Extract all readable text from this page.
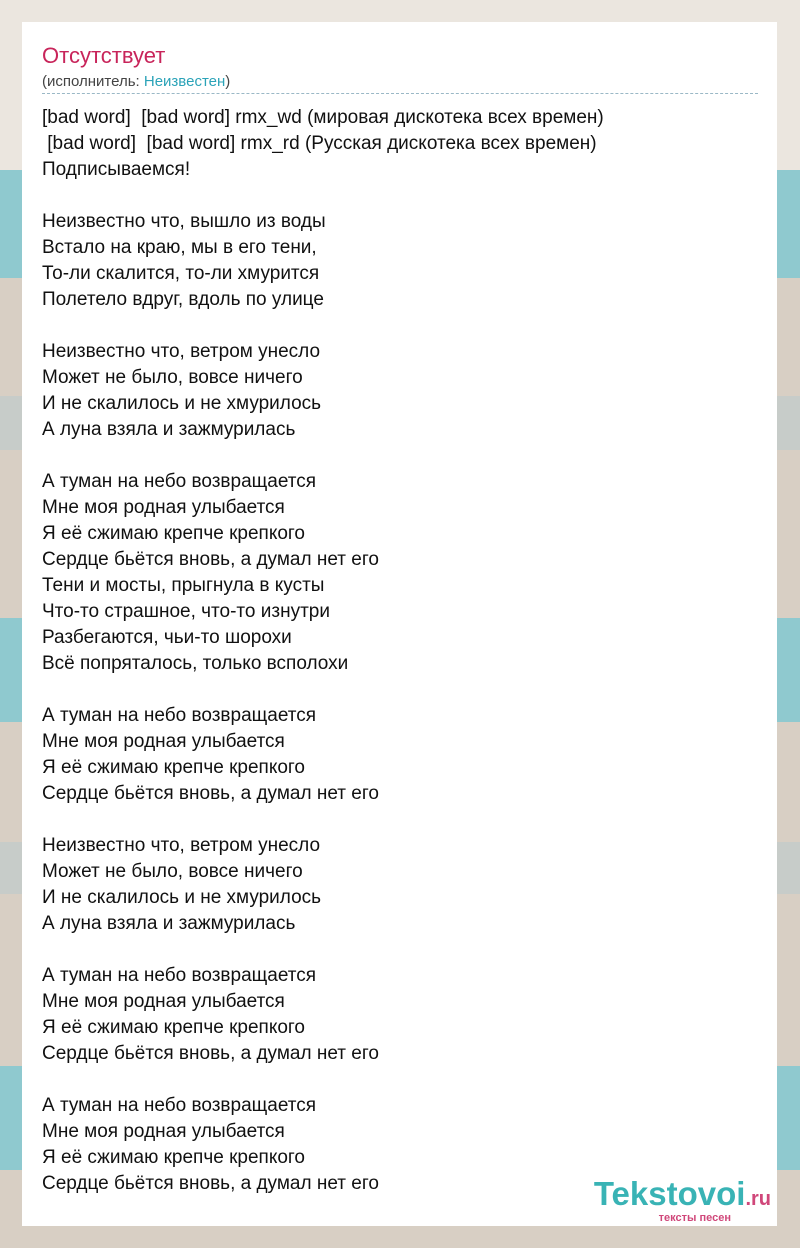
Отсутствует
(исполнитель: Неизвестен)
[bad word]  [bad word] rmx_wd (мировая дискотека всех времен)
[bad word]  [bad word] rmx_rd (Русская дискотека всех времен)
Подписываемся!
Неизвестно что, вышло из воды
Встало на краю, мы в его тени,
То-ли скалится, то-ли хмурится
Полетело вдруг, вдоль по улице
Неизвестно что, ветром унесло
Может не было, вовсе ничего
И не скалилось и не хмурилось
А луна взяла и зажмурилась
А туман на небо возвращается
Мне моя родная улыбается
Я её сжимаю крепче крепкого
Сердце бьётся вновь, а думал нет его
Тени и мосты, прыгнула в кусты
Что-то страшное, что-то изнутри
Разбегаются, чьи-то шорохи
Всё попряталось, только всполохи
А туман на небо возвращается
Мне моя родная улыбается
Я её сжимаю крепче крепкого
Сердце бьётся вновь, а думал нет его
Неизвестно что, ветром унесло
Может не было, вовсе ничего
И не скалилось и не хмурилось
А луна взяла и зажмурилась
А туман на небо возвращается
Мне моя родная улыбается
Я её сжимаю крепче крепкого
Сердце бьётся вновь, а думал нет его
А туман на небо возвращается
Мне моя родная улыбается
Я её сжимаю крепче крепкого
Сердце бьётся вновь, а думал нет его	Tekstovoi.ru
тексты песен
